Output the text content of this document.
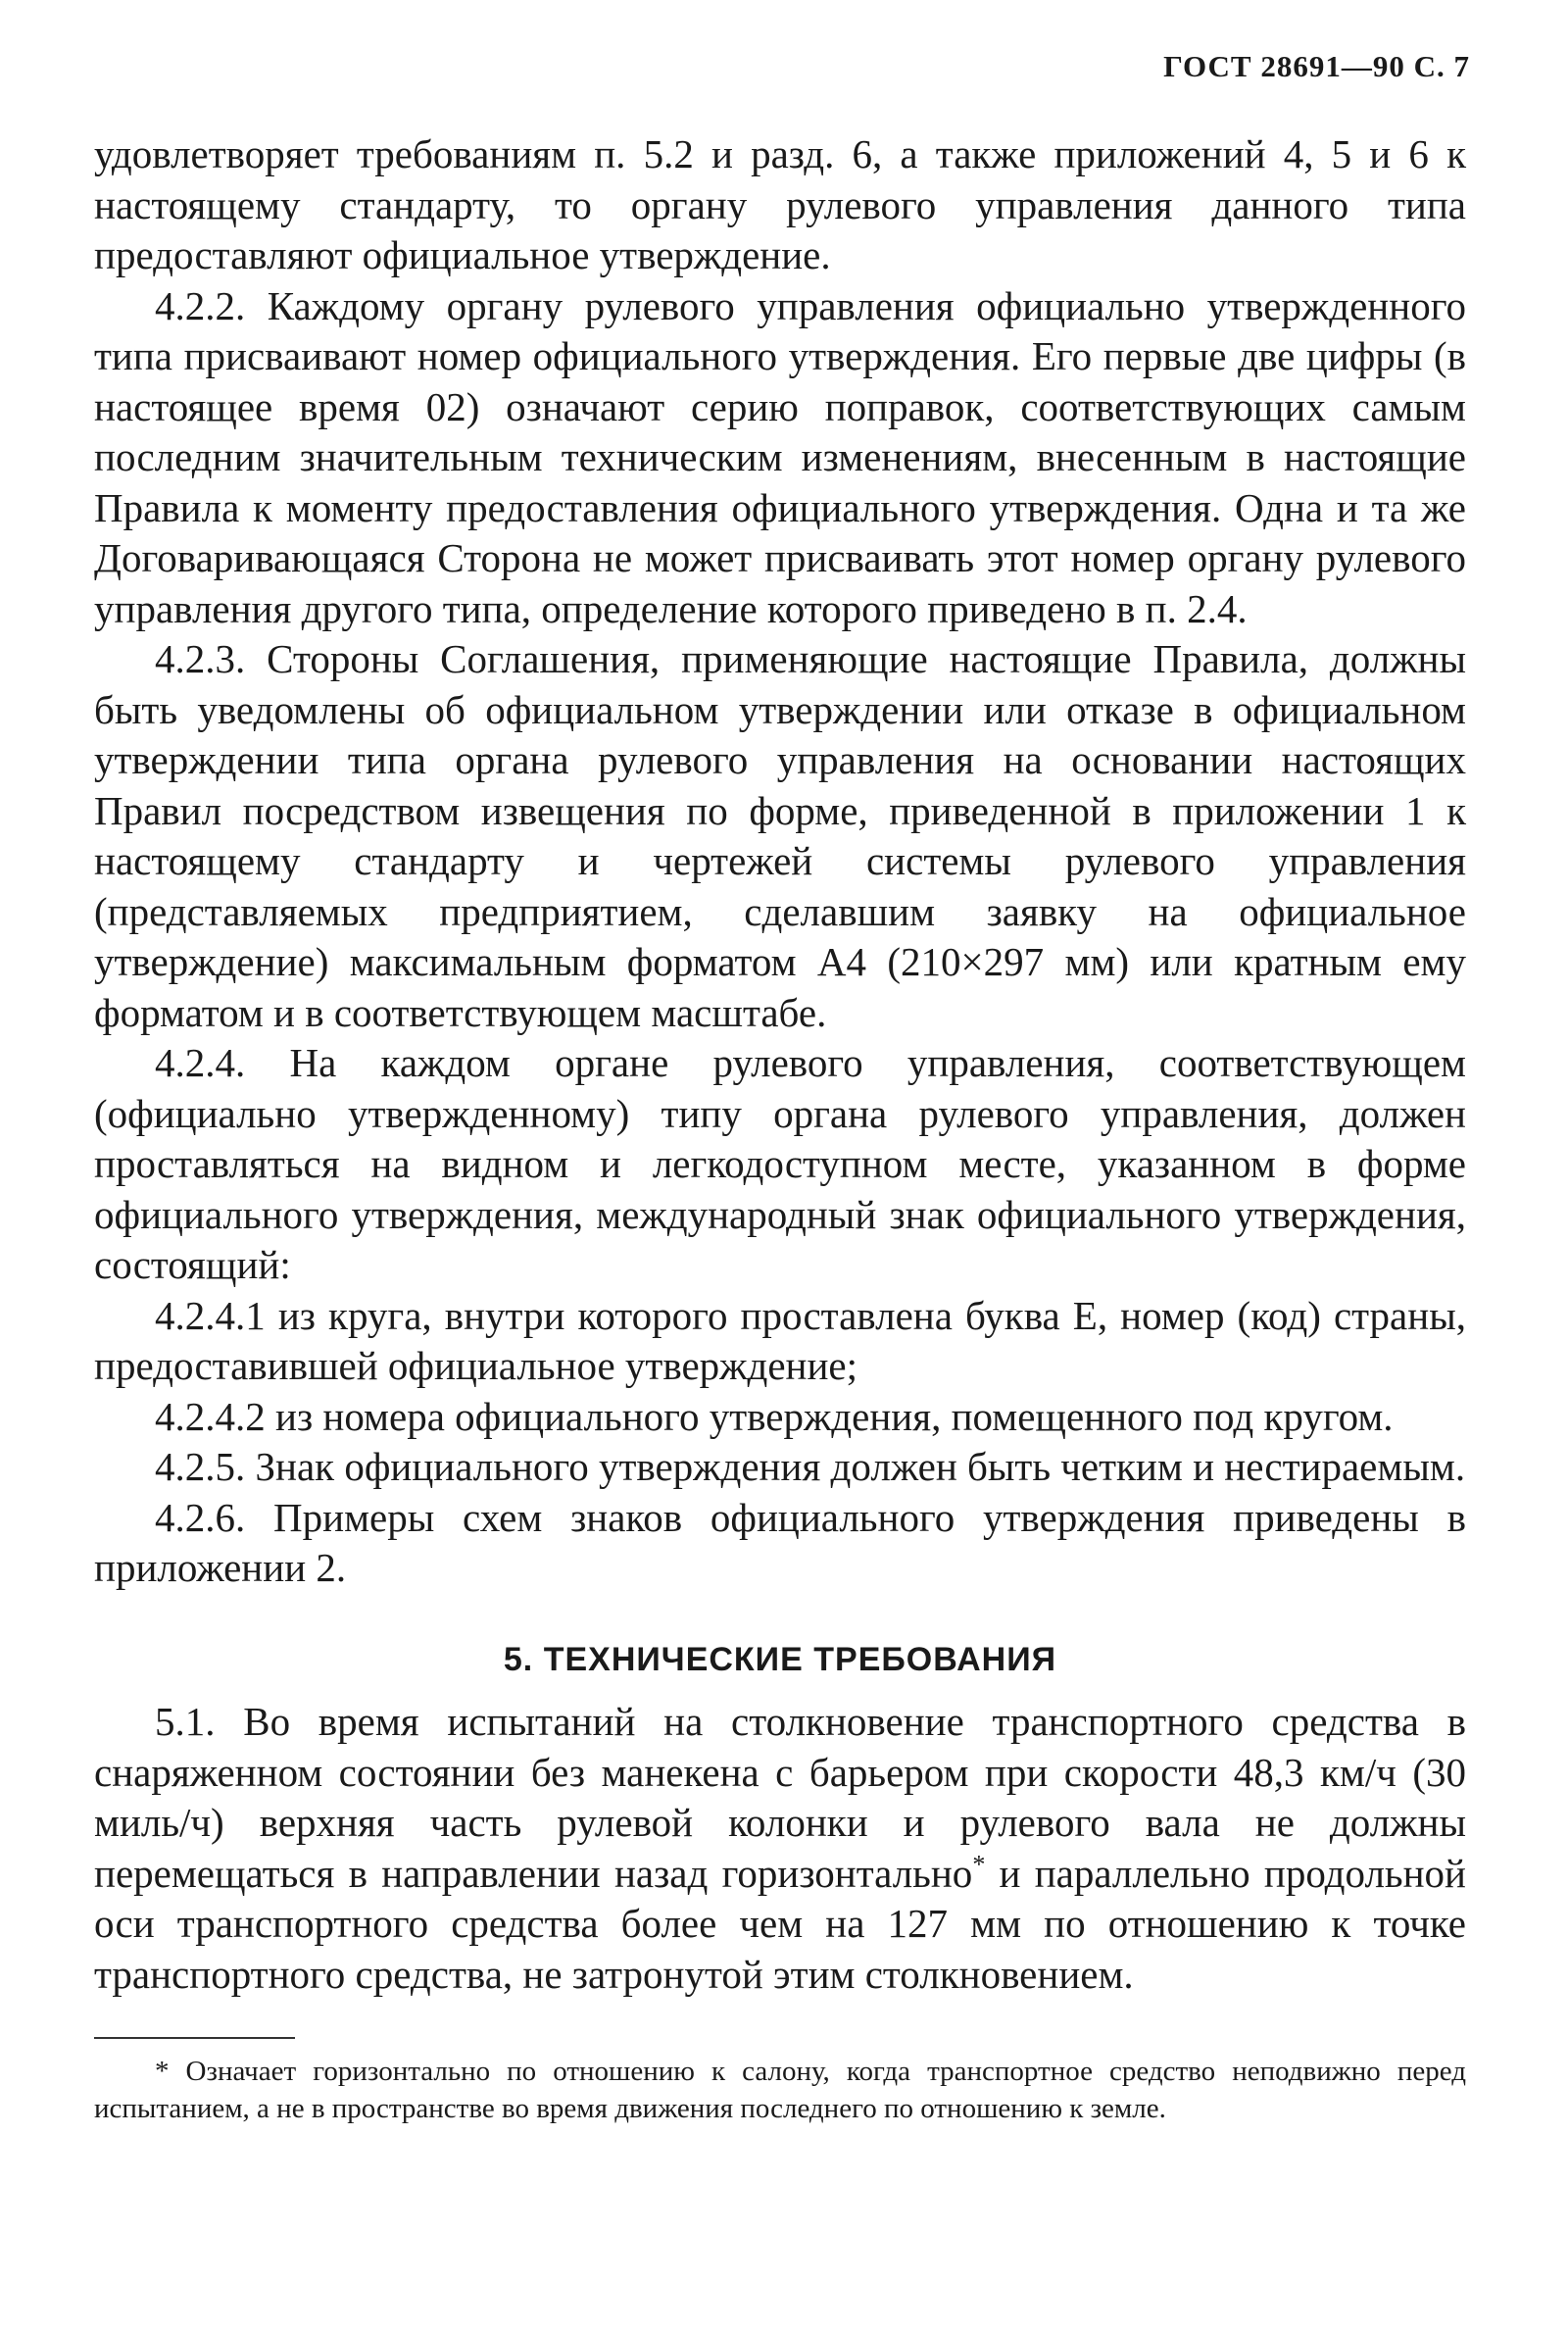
ГОСТ 28691—90 С. 7

удовлетворяет требованиям п. 5.2 и разд. 6, а также приложений 4, 5 и 6 к настоящему стандарту, то органу рулевого управления данного типа предоставляют официальное утверждение.

4.2.2. Каждому органу рулевого управления официально утвержденного типа присваивают номер официального утверждения. Его первые две цифры (в настоящее время 02) означают серию поправок, соответствующих самым последним значительным техническим изменениям, внесенным в настоящие Правила к моменту предоставления официального утверждения. Одна и та же Договаривающаяся Сторона не может присваивать этот номер органу рулевого управления другого типа, определение которого приведено в п. 2.4.

4.2.3. Стороны Соглашения, применяющие настоящие Правила, должны быть уведомлены об официальном утверждении или отказе в официальном утверждении типа органа рулевого управления на основании настоящих Правил посредством извещения по форме, приведенной в приложении 1 к настоящему стандарту и чертежей системы рулевого управления (представляемых предприятием, сделавшим заявку на официальное утверждение) максимальным форматом А4 (210×297 мм) или кратным ему форматом и в соответствующем масштабе.

4.2.4. На каждом органе рулевого управления, соответствующем (официально утвержденному) типу органа рулевого управления, должен проставляться на видном и легкодоступном месте, указанном в форме официального утверждения, международный знак официального утверждения, состоящий:

4.2.4.1 из круга, внутри которого проставлена буква Е, номер (код) страны, предоставившей официальное утверждение;

4.2.4.2 из номера официального утверждения, помещенного под кругом.

4.2.5. Знак официального утверждения должен быть четким и нестираемым.

4.2.6. Примеры схем знаков официального утверждения приведены в приложении 2.

5. ТЕХНИЧЕСКИЕ ТРЕБОВАНИЯ

5.1. Во время испытаний на столкновение транспортного средства в снаряженном состоянии без манекена с барьером при скорости 48,3 км/ч (30 миль/ч) верхняя часть рулевой колонки и рулевого вала не должны перемещаться в направлении назад горизонтально* и параллельно продольной оси транспортного средства более чем на 127 мм по отношению к точке транспортного средства, не затронутой этим столкновением.

* Означает горизонтально по отношению к салону, когда транспортное средство неподвижно перед испытанием, а не в пространстве во время движения последнего по отношению к земле.
